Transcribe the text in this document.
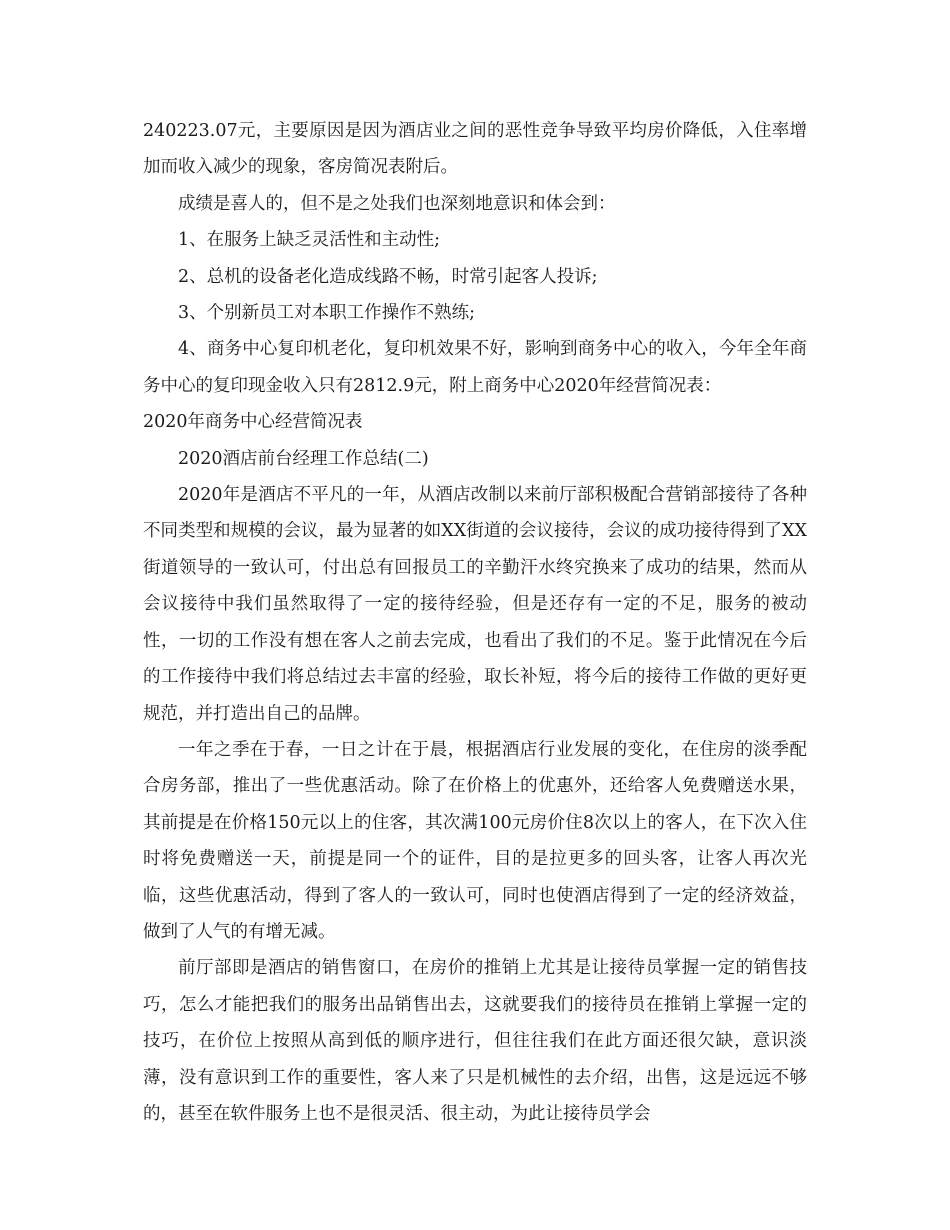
240223.07元，主要原因是因为酒店业之间的恶性竞争导致平均房价降低，入住率增加而收入减少的现象，客房简况表附后。

成绩是喜人的，但不是之处我们也深刻地意识和体会到：

1、在服务上缺乏灵活性和主动性;

2、总机的设备老化造成线路不畅，时常引起客人投诉;

3、个别新员工对本职工作操作不熟练;

4、商务中心复印机老化，复印机效果不好，影响到商务中心的收入，今年全年商务中心的复印现金收入只有2812.9元，附上商务中心2020年经营简况表：

2020年商务中心经营简况表

2020酒店前台经理工作总结(二)

2020年是酒店不平凡的一年，从酒店改制以来前厅部积极配合营销部接待了各种不同类型和规模的会议，最为显著的如XX街道的会议接待，会议的成功接待得到了XX街道领导的一致认可，付出总有回报员工的辛勤汗水终究换来了成功的结果，然而从会议接待中我们虽然取得了一定的接待经验，但是还存有一定的不足，服务的被动性，一切的工作没有想在客人之前去完成，也看出了我们的不足。鉴于此情况在今后的工作接待中我们将总结过去丰富的经验，取长补短，将今后的接待工作做的更好更规范，并打造出自己的品牌。

一年之季在于春，一日之计在于晨，根据酒店行业发展的变化，在住房的淡季配合房务部，推出了一些优惠活动。除了在价格上的优惠外，还给客人免费赠送水果，其前提是在价格150元以上的住客，其次满100元房价住8次以上的客人，在下次入住时将免费赠送一天，前提是同一个的证件，目的是拉更多的回头客，让客人再次光临，这些优惠活动，得到了客人的一致认可，同时也使酒店得到了一定的经济效益，做到了人气的有增无减。

前厅部即是酒店的销售窗口，在房价的推销上尤其是让接待员掌握一定的销售技巧，怎么才能把我们的服务出品销售出去，这就要我们的接待员在推销上掌握一定的技巧，在价位上按照从高到低的顺序进行，但往往我们在此方面还很欠缺，意识淡薄，没有意识到工作的重要性，客人来了只是机械性的去介绍，出售，这是远远不够的，甚至在软件服务上也不是很灵活、很主动，为此让接待员学会
